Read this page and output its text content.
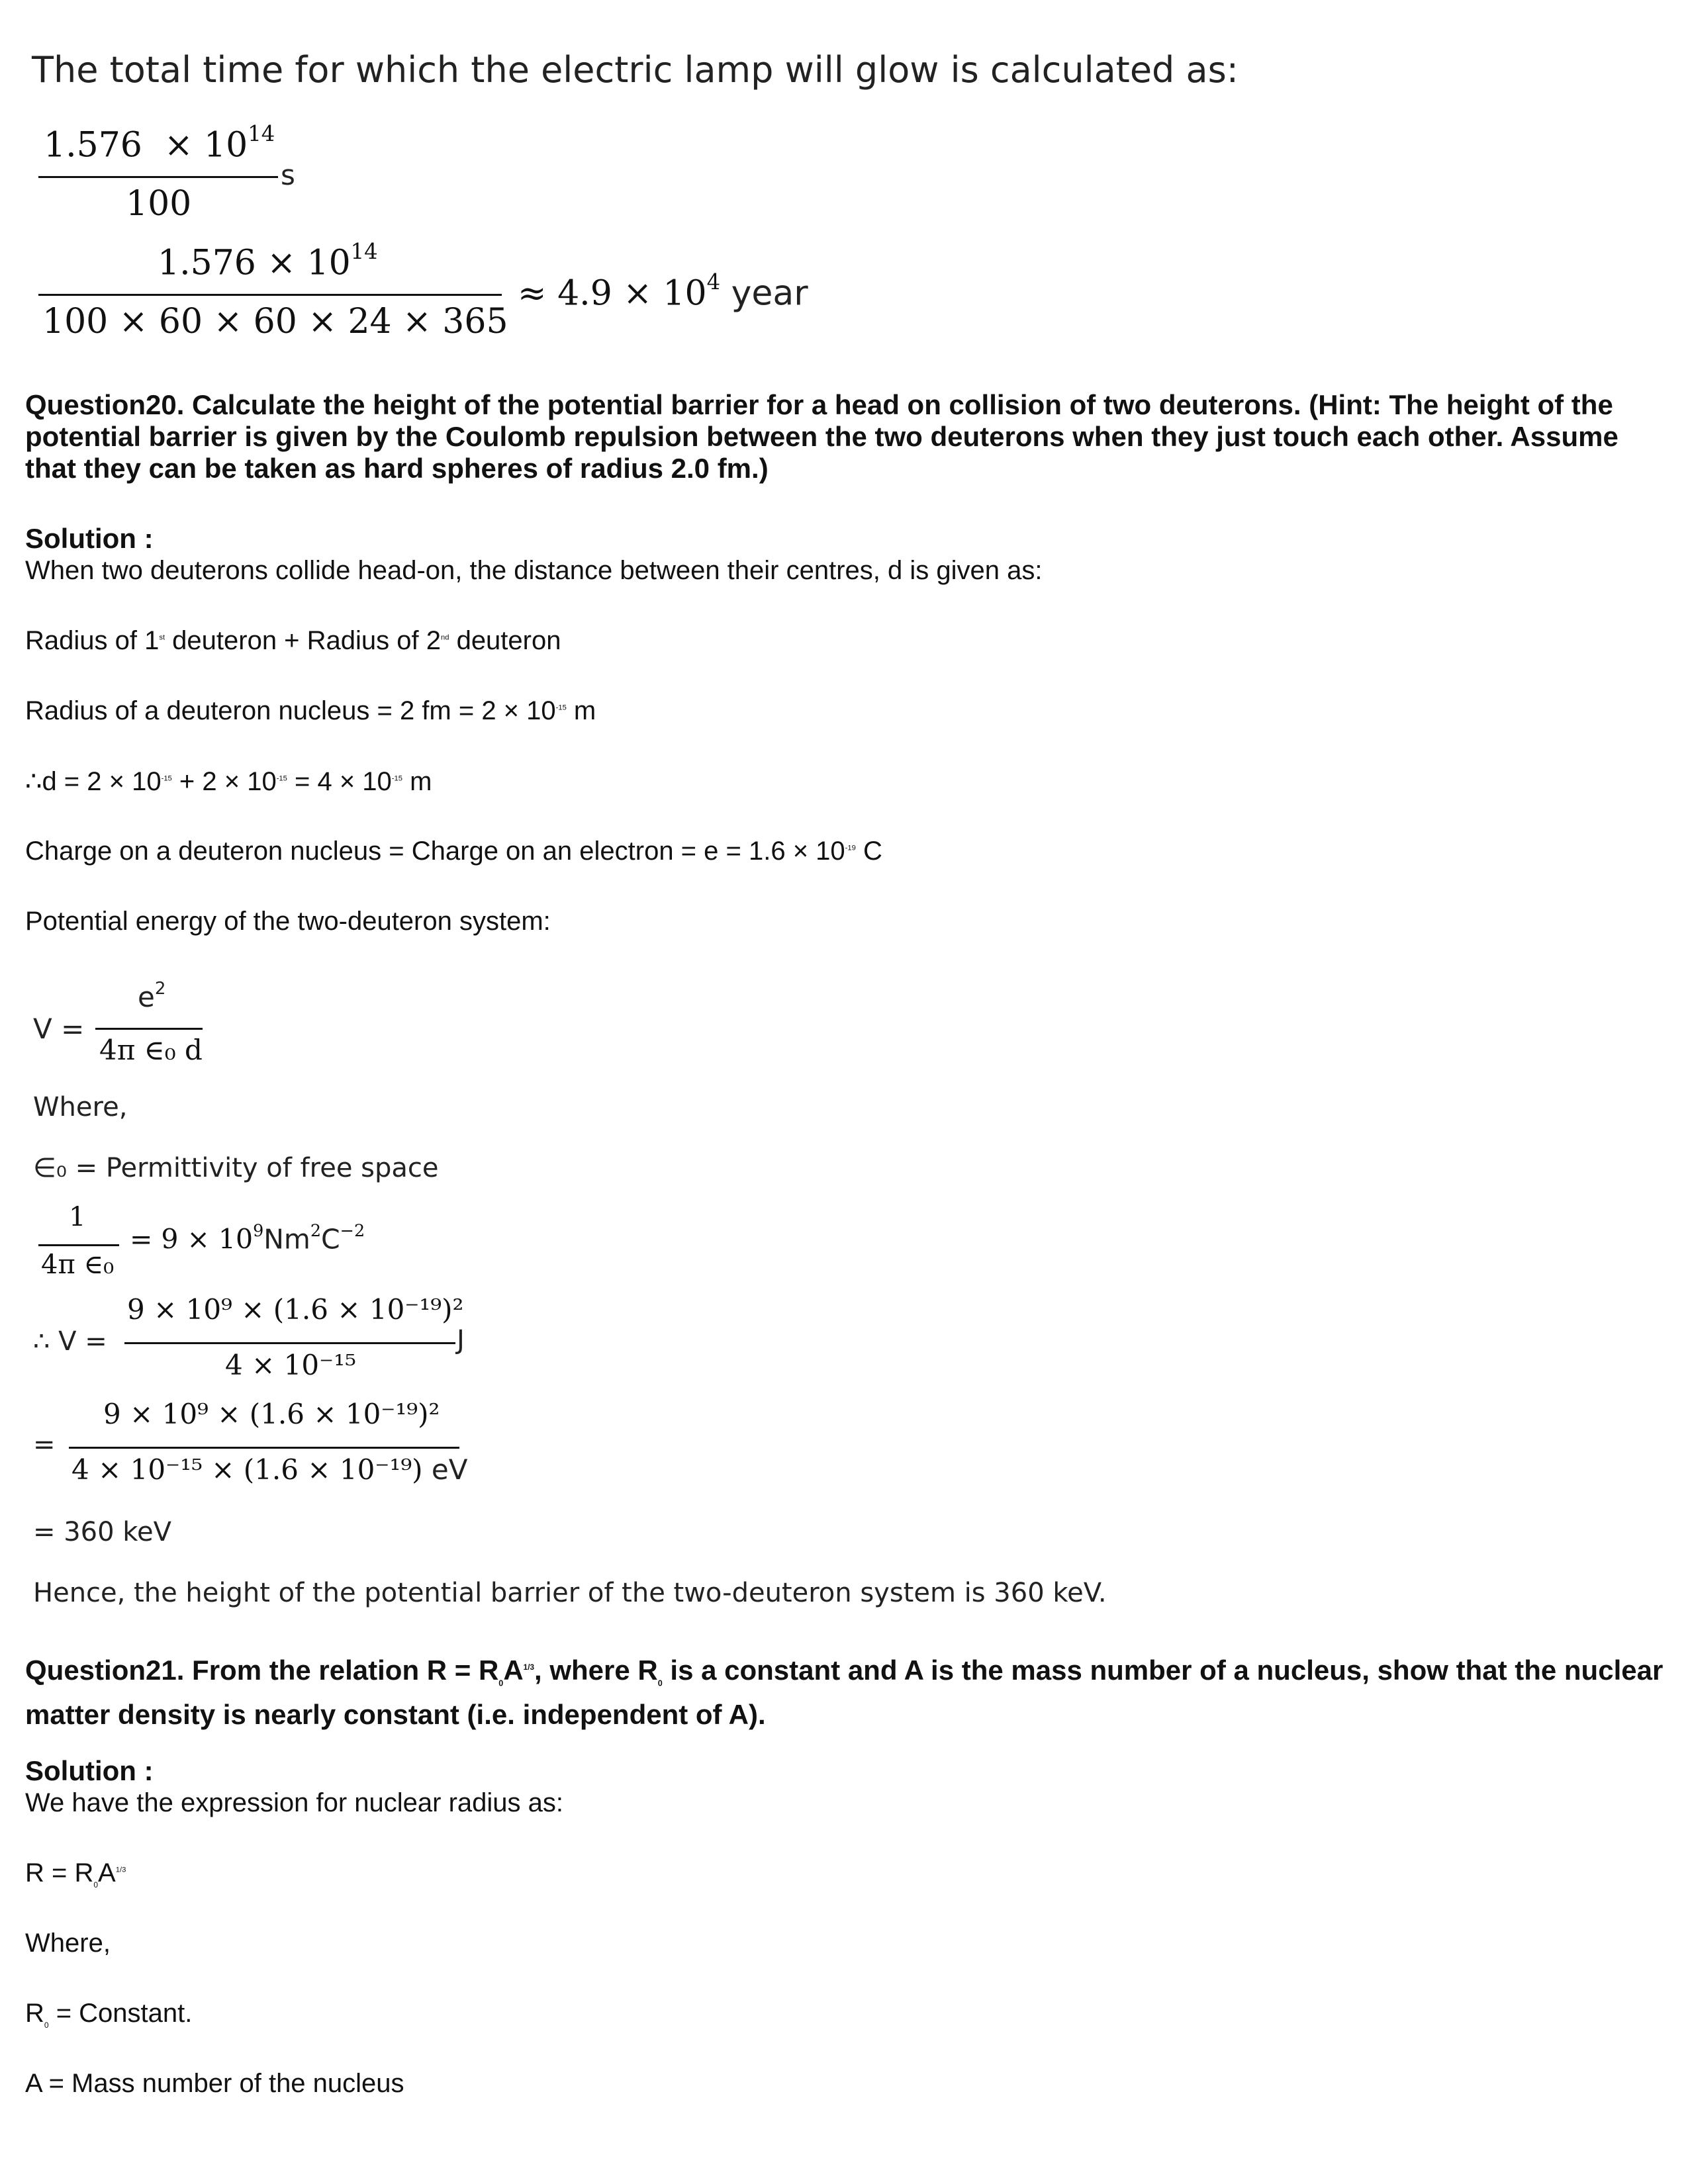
The total time for which the electric lamp will glow is calculated as:
$1.576 \times 10^{14}$
s
100
$1.576 \times 10^{14}$
100 × 60 × 60 × 24 × 365
≈ $4.9 \times 10^4$ year
Question20. Calculate the height of the potential barrier for a head on collision of two deuterons. (Hint: The height of the potential barrier is given by the Coulomb repulsion between the two deuterons when they just touch each other. Assume that they can be taken as hard spheres of radius 2.0 fm.)
Solution :
When two deuterons collide head-on, the distance between their centres, d is given as:
Radius of 1st deuteron + Radius of 2nd deuteron
Radius of a deuteron nucleus = 2 fm = $2 \times 10^{-15}$ m
∴d = $2 \times 10^{-15} + 2 \times 10^{-15} = 4 \times 10^{-15}$ m
Charge on a deuteron nucleus = Charge on an electron = $e = 1.6 \times 10^{-19}$ C
Potential energy of the two-deuteron system:
V =
$e^2$
4π ∈₀ d
Where,
∈₀ = Permittivity of free space
1
4π ∈₀
= $9 \times 10^9Nm^2C^{-2}$
∴ V =
9 × 10⁹ × (1.6 × 10⁻¹⁹)²
J
4 × 10⁻¹⁵
=
9 × 10⁹ × (1.6 × 10⁻¹⁹)²
4 × 10⁻¹⁵ × (1.6 × 10⁻¹⁹) eV
= 360 keV
Hence, the height of the potential barrier of the two-deuteron system is 360 keV.
Question21. From the relation $R = R_0A^{1/3}$, where $R_0$ is a constant and A is the mass number of a nucleus, show that the nuclear matter density is nearly constant (i.e. independent of A).
Solution :
We have the expression for nuclear radius as:
$R = R_0A^{1/3}$
Where,
$R_0$ = Constant.
A = Mass number of the nucleus
